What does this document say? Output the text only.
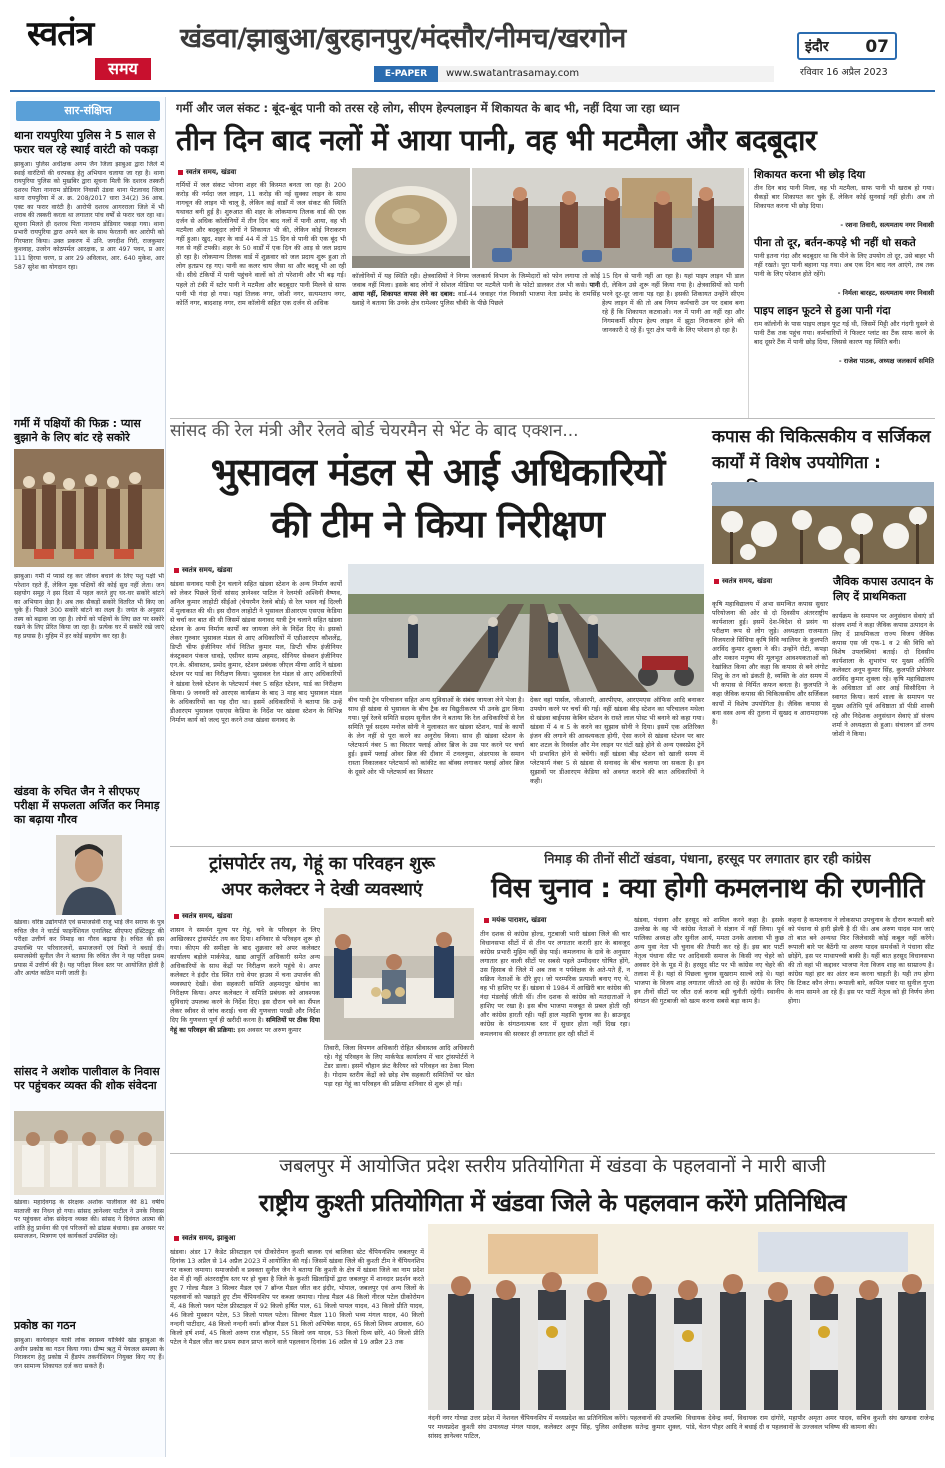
स्वतंत्र
समय
खंडवा/झाबुआ/बुरहानपुर/मंदसौर/नीमच/खरगोन
E-PAPER	www.swatantrasamay.com
इंदौर 07
रविवार 16 अप्रैल 2023
सार-संक्षिप्त
थाना रायपुरिया पुलिस ने 5 साल से फरार चल रहे स्थाई वारंटी को पकड़ा
झाबुआ। पुलिस अधीक्षक अगम जैन जिला झाबुआ द्वारा जिले में स्थाई वारंटियों की धरपकड़ हेतु अभियान चलाया जा रहा है। थाना रायपुरिया पुलिस को मुखबिर द्वारा सूचना मिली कि दशरथ तस्करी दशरथ पिता नानराम डोडियार निवासी उंडवा थाना पेटलावद जिला थाना रायपुरिया में अ. क्र. 208/2017 धारा 34(2) 36 आब. एक्ट का फरार वारंटी है। आरोपी दशरथ आगरराला जिले में भी शराब की तस्करी करता था लगातार पांच वर्षों से फरार चल रहा था। सूचना मिलते ही दशरथ पिता नानराम डोडियार पकड़ा गया। थाना प्रभारी रायपुरिया द्वारा अपने बल के साथ फेरतानी कर आरोपी को गिरफ्तार किया। उक्त प्रकरण में उनि. जगदीश गिरी, राजकुमार कुशवाह, उजरेन कोठपर्मल आरक्षक, प्र आर 497 पवन, प्र आर 111 हिरया चरण, प्र आर 29 अविलाश, आर. 640 मुकेश, आर 587 सुरेश का योगदान रहा।
गर्मी में पक्षियों की फिक्र : प्यास बुझाने के लिए बांट रहे सकोरे
झाबुआ। गर्मी में प्यासे रह कर जीवन बचाने के लिए पशु पक्षी भी परेशान रहते हैं, लेकिन मूक पक्षियों की कोई सुध नहीं लेता। जन सहयोग समूह ने इस दिशा में पहल करते हुए घर-घर सकोरे बांटने का अभियान छेड़ा है। अब तक सैकड़ों सकोरे वितरित भी किए जा चुके हैं। पिछले 300 सकोरे बांटने का लक्ष्य है। जयंत के अनुसार तस्य को बढ़ावा जा रहा है। लोगों को पक्षियों के लिए छत पर सकोरे रखने के लिए प्रेरित किया जा रहा है। प्रत्येक घर में सकोरे रखे जाएं यह प्रयास है। मुहिम में हर कोई सहयोग कर रहा है।
खंडवा के रुचित जैन ने सीएफए परीक्षा में सफलता अर्जित कर निमाड़ का बढ़ाया गौरव
खंडवा। वरिष्ठ उद्योगपति एवं समाजसेवी राजू भाई जैन सराफ के पुत्र रुचित जैन ने चार्टर्ड फाइनेंशियल एनालिस्ट सीएफए इंस्टिट्यूट की परीक्षा उत्तीर्ण कर निमाड़ का गौरव बढ़ाया है। रुचित की इस उपलब्धि पर परिवारजनों, समाजजनों एवं मित्रों ने बधाई दी। समाजसेवी सुनील जैन ने बताया कि रुचित जैन ने यह परीक्षा प्रथम प्रयास में उत्तीर्ण की है। यह परीक्षा विश्व स्तर पर आयोजित होती है और अत्यंत कठिन मानी जाती है।
सांसद ने अशोक पालीवाल के निवास पर पहुंचकर व्यक्त की शोक संवेदना
खंडवा। महादेवगढ़ के संरक्षक अशोक पालीवाल की 81 वर्षीय माताजी का निधन हो गया। सांसद ज्ञानेश्वर पाटील ने उनके निवास पर पहुंचकर शोक संवेदना व्यक्त की। सांसद ने दिवंगत आत्मा की शांति हेतु प्रार्थना की एवं परिजनों को ढांढस बंधाया। इस अवसर पर समाजजन, मित्रगण एवं कार्यकर्ता उपस्थित रहे।
प्रकोष्ठ का गठन
झाबुआ। कार्यवाहन यात्री लोक स्वास्थ्य यांत्रिकी खंड झाबुआ के अधीन प्रकोष्ठ का गठन किया गया। ग्रीष्म ऋतु में पेयजल समस्या के निराकरण हेतु प्रकोष्ठ में हैंडपंप तकनीशियन नियुक्त किए गए हैं। जन सामान्य शिकायत दर्ज करा सकते हैं।
गर्मी और जल संकट : बूंद-बूंद पानी को तरस रहे लोग, सीएम हेल्पलाइन में शिकायत के बाद भी, नहीं दिया जा रहा ध्यान
तीन दिन बाद नलों में आया पानी, वह भी मटमैला और बदबूदार
स्वतंत्र समय, खंडवा
गर्मियों में जल संकट भोगना शहर की किस्मत बनता जा रहा है। 200 करोड़ की नर्मदा जल लाइन, 11 करोड़ की नई सुक्का लाइन के साथ नागचून की लाइन भी चालू है, लेकिन कई वार्डों में जल संकट की स्थिति यथावत बनी हुई है। शुरुआत की शहर के लोकमान्य तिलक वार्ड की एक दर्जन से अधिक कॉलोनियों में तीन दिन बाद नलों में पानी आया, वह भी मटमैला और बदबूदार लोगों ने शिकायत भी की, लेकिन कोई निराकरण नहीं हुआ। खुद, शहर के वार्ड 44 में तो 15 दिन से पानी की एक बूंद भी नल से नहीं टपकी। शहर के 50 वार्डों में एक दिन की आड़ से जल प्रदाय हो रहा है। लोकमान्य तिलक वार्ड में शुक्रवार को जल प्रदाय शुरू हुआ तो लोग हतप्रभ रह गए। पानी का कलर चाय जैसा था और बदबू भी आ रही थी। सीधे टंकियों में पानी पहुंचने वालों को तो परेशानी और भी बढ़ गई। पहले तो टंकी में स्टोर पानी ने मटमैला और बदबूदार पानी मिलने से साफ पानी भी गंदा हो गया। यहां तिलक नगर, जोशी नगर, सत्यमताय नगर, कोर्ति नगर, बादशाह नगर, राम कॉलोनी सहित एक दर्जन से अधिक
कॉलोनियों में यह स्थिति रही। क्षेत्रवासियों ने निगम जलकार्य विभाग के जिम्मेदारों को फोन लगाया तो कोई जवाब नहीं मिला। इसके बाद लोगों ने सोशल मीडिया पर मटमैले पानी के फोटो डालकर तंज भी कसे। पानी आया नहीं, शिकायत वापस लेने का दबाव: वार्ड-44 जवाहर गंज निवासी भाजपा नेता प्रमोद के रामसिंह ख्वाहे ने बताया कि उनके क्षेत्र रामेश्वर पुलिस चौकी के पीछे पिछले
15 दिन से पानी नहीं आ रहा है। यहां पाइप लाइन भी डाल दी, लेकिन उसे शुरू नहीं किया गया है। क्षेत्रवासियों को पानी भरने दूर-दूर जाना पड़ रहा है। इसकी शिकायत उन्होंने सीएम हेल्प लाइन में की तो अब निगम कर्मचारी उन पर दबाव बना रहे हैं कि शिकायत कटवाओ। नल में पानी आ नहीं रहा और निगमकर्मी सीएम हेल्प लाइन में झूठा निराकरण होने की जानकारी दे रहे हैं। पूरा क्षेत्र पानी के लिए परेशान हो रहा है।
शिकायत करना भी छोड़ दिया
तीन दिन बाद पानी मिला, वह भी मटमैला, साफ पानी भी खराब हो गया। सैकड़ों बार शिकायत कर चुके हैं, लेकिन कोई सुनवाई नहीं होती। अब तो शिकायत करना भी छोड़ दिया।
- रशना तिवारी, सत्यमताय नगर निवासी
पीना तो दूर, बर्तन-कपड़े भी नहीं धो सकते
पानी इतना गंदा और बदबूदार था कि पीने के लिए उपयोग तो दूर, उसे बाहर भी नहीं रखते। पूरा पानी बहाना पड़ गया। अब एक दिन बाद नल आएंगे, तब तक पानी के लिए परेशान होते रहेंगे।
- निर्मला बारहट, सत्यमताय नगर निवासी
पाइप लाइन फूटने से हुआ पानी गंदा
राम कॉलोनी के पास पाइप लाइन फूट गई थी, जिसमें मिट्टी और गंदगी घुसने से पानी टैंक तक पहुंच गया। कर्मचारियों ने फिल्टर प्लांट का टैंक साफ करने के बाद दूसरे टैंक में पानी छोड़ दिया, जिससे कारण यह स्थिति बनी।
- राजेश पाठक, अध्यक्ष जलकार्य समिति
सांसद की रेल मंत्री और रेलवे बोर्ड चेयरमैन से भेंट के बाद एक्शन...
भुसावल मंडल से आई अधिकारियों
की टीम ने किया निरीक्षण
स्वतंत्र समय, खंडवा
खंडवा सनावद यात्री ट्रेन चलाने सहित खंडवा स्टेशन के अन्य निर्माण कार्यों को लेकर पिछले दिनों सांसद ज्ञानेश्वर पाटिल ने रेलमंत्री अश्विनी वैष्णव, अनिल कुमार लाहोटी सीईओ (चेयरमैन रेलवे बोर्ड) से रेल भवन नई दिल्ली में मुलाकात की थी। इस दौरान लाहोटी ने भुसावल डीआरएम एसएस केडिया से चर्चा कर बात की थी जिसमें खंडवा सनावद यात्री ट्रेन चलाने सहित खंडवा स्टेशन के अन्य निर्माण कार्यों का जायजा लेने के निर्देश दिए थे। इसको लेकर गुरुवार भुसावल मंडल से आए अधिकारियों में एडीआरएम कौशलेंद्र, डिप्टी चीफ इंजीनियर नॉर्थ नितिश कुमार मल, डिप्टी चीफ इंजीनियर कंस्ट्रक्शन पंकज धावड़े, एसीयर साम्प अहमद, सीनियर सेक्शन इंजीनियर एन.के. श्रीवास्तव, प्रमोद कुमार, स्टेशन प्रबंधक जीएल मीणा आदि ने खंडवा स्टेशन पर यार्ड का निरीक्षण किया। भुसावल रेल मंडल से आए अधिकारियों ने खंडवा रेलवे स्टेशन के प्लेटफार्म नंबर 5 सहित स्टेशन, यार्ड का निरीक्षण किया। 9 जनवरी को आरएस कार्यक्रम के बाद 3 माह बाद भुसावल मंडल के अधिकारियों का यह दौरा था। इसमें अधिकारियों ने बताया कि उन्हें डीआरएम भुसावल एसएस केडिया के निर्देश पर खंडवा स्टेशन के विभिन्न निर्माण कार्य को जल्द पूरा करने तथा खंडवा सनावद के
बीच यात्री ट्रेन परिचालन सहित अन्य सुविधाओं के संबंध जायजा लेने भेजा है। साथ ही खंडवा से भुसावल के बीच ट्रैक का विद्युतीकरण भी उनके द्वार किया गया। पूर्व रेलवे समिति सदस्य सुनील जैन ने बताया कि रेल अधिकारियों से रेल समिति पूर्व सदस्य मनोज सोनी ने मुलाकात कर खंडवा स्टेशन, यार्ड के कार्यों के लेन नहीं से पूरा करने का अनुरोध किया। साथ ही खंडवा स्टेशन के प्लेटफार्म नंबर 5 का विस्तार फ्लाई ओवर ब्रिज के उस पार करने पर चर्चा हुई। इसमें फ्लाई ओवर ब्रिज की दीवार में टनलनुमा, अंडरपास के समान रास्ता निकालकर प्लेटफार्म को कांकीट का बॉक्स लगाकर फ्लाई ओवर ब्रिज के दूसरे ओर भी प्लेटफार्म का विस्तार
देकर वहां पार्सल, जीआरपी, आरपीएफ, आरएमएस ऑफिस आदि बनाकर उपयोग करने पर चर्चा की गई। वहीं खंडवा बीड़ स्टेशन का परिचालन मथेला से खंडवा बाईपास केबिन स्टेशन के रास्ते लाल पोस्ट भी बनाने को कहा गया। खंडवा में 4 व 5 के करने का सुझाव सोनी ने दिया। इसमें एक अतिरिक्त इंजन की लगाने की आवश्यकता होगी, ऐसा करने से खंडवा स्टेशन पर बार बार शटल के रिवर्सल और मेन लाइन पर घंटों खड़े होने से अन्य एक्सप्रेस ट्रेनें भी प्रभावित होने से बचेंगी। वहीं खंडवा बीड़ स्टेशन को खाली समय में प्लेटफार्म नंबर 5 से खंडवा से सनावद के बीच चलाया जा सकता है। इन सुझावों पर डीआरएम केडिया को अवगत कराने की बात अधिकारियों ने कही।
कपास की चिकित्सकीय व सर्जिकल कार्यों में विशेष उपयोगिता :
स्वतंत्र समय, खंडवा	जैविक कपास उत्पादन के लिए दें प्राथमिकता
कृषि महाविद्यालय में अभा समन्वित कपास सुधार परियोजना की ओर से दो दिवसीय अंतरराष्ट्रीय कार्यशाला हुई। इसमें देश-विदेश से प्रसंग या परीक्षण रूप से लोग जुड़े। अध्यक्षता राजमाता विजयराजे सिंधिया कृषि विवि ग्वालियर के कुलपति अरविंद कुमार शुक्ला ने की। उन्होंने रोटी, कपड़ा और मकान मनुष्य की मूलभूत आवश्यकताओं को रेखांकित किया और कहा कि कपास से बने लंगोट शिशु के तन को ढंकती है, व्यक्ति के अंत समय में भी कपास से निर्मित कफन बनता है। कुलपति ने कहा जैविक कपास की चिकित्सकीय और सर्जिकल कार्यों में विशेष उपयोगिता है। जैविक कपास से बना वस्त्र अन्य की तुलना में सुखद व आरामदायक है।
कार्यक्रम के समापन पर अनुसंधान सेवाएं डॉ संजय शर्मा ने कहा जैविक कपास उत्पादन के लिए दें प्राथमिकता राज्य विजय जैविक कपास एस जी एफ-1 व 2 की विधि को विशेष उपलब्धियां बताई। दो दिवसीय कार्यशाला के शुभारंभ पर मुख्य अतिथि कलेक्टर अनूप कुमार सिंह, कुलपति प्रोफेसर अरविंद कुमार शुक्ला रहे। कृषि महाविद्यालय के अधिष्ठाता डॉ आर आई सिसौदिया ने स्वागत किया। कार्य शाला के समापन पर मुख्य अतिथि पूर्व अधिष्ठाता डॉ पीडी शास्त्री रहे और निदेशक अनुसंधान सेवाएं डॉ संजय शर्मा ने अध्यक्षता से हुआ। संचालन डॉ तनय जोशी ने किया।
ट्रांसपोर्टर तय, गेहूं का परिवहन शुरू
अपर कलेक्टर ने देखी व्यवस्थाएं
स्वतंत्र समय, खंडवा
शासन ने समर्थन मूल्य पर गेहूं, चने के परिवहन के लिए आखिरकार ट्रांसपोर्टर तय कर दिया। शनिवार से परिवहन शुरू हो गया। कीएम की समीक्षा के बाद शुक्रवार को अपर कलेक्टर कार्यालय बड़ोले मार्कफेड, खाद्य आपूर्ति अधिकारी समेत अन्य अधिकारियों के साथ केंद्रों पर निरीक्षण करने पहुंचे थे। अपर कलेक्टर ने इंदौर रोड स्थित राधे वेयर हाउस में चना उपार्जन की व्यवस्थाएं देखी। सेवा सहकारी समिति अहमदपुर खेगांव का निरीक्षण किया। अपर कलेक्टर ने समिति प्रबंधक को आवश्यक सुविधाएं उपलब्ध करने के निर्देश दिए। इस दौरान चने का सैंपल लेकर स्वीवर से जांच कराई। चना की गुणवत्ता परखी और निर्देश दिए कि गुणवत्ता पूर्ण ही खरीदी करना है। समितियों पर ठीक दिया गेहूं का परिवहन की प्रक्रिया: इस अवसर पर अरुण कुमार
तिवारी, जिला विपणन अधिकारी रोहित श्रीवास्तव आदि अधिकारी रहे। गेहूं परिवहन के लिए मार्कफेड कार्यालय में चार ट्रांसपोर्टरों ने टेंडर डाला। इसमें चौहान फ्रंट कैरियर को परिवहन का ठेका मिला है। गोदाम स्तरीय केंद्रों को छोड़ शेष सहकारी समितियों पर खेत पड़ा रहा गेहूं का परिवहन की प्रक्रिया शनिवार से शुरू हो गई।
निमाड़ की तीनों सीटों खंडवा, पंधाना, हरसूद पर लगातार हार रही कांग्रेस
विस चुनाव : क्या होगी कमलनाथ की रणनीति
मयंक पाराशर, खंडवा
तीन दशक से कांग्रेस होल्ड, गुटबाजी भारी खंडवा जिले की चार विधानसभा सीटों में से तीन पर लगातार करारी हार के बावजूद कांग्रेस प्रभारी मुहिम नहीं छेड़ पाई। कमलनाथ के दावे के अनुसार लगातार हार वाली सीटों पर सबसे पहले उम्मीदवार घोषित होंगे, उस हिसाब से जिले में अब तक न पर्यवेक्षक के अते-पते हैं, न सक्रिय नेताओं के दौरे हुए। जो परम्परिक प्रत्याशी बनाए गए थे, वह भी हाशिए पर हैं। खंडवा से 1984 में आखिरी बार कांग्रेस की नंदा मंडलोई जीती थीं। तीन दशक से कांग्रेस को मतदाताओं ने हाशिए पर रखा है। इस बीच भाजपा मजबूत से प्रबल होती रही और कांग्रेस हारती रही। यहीं हाल महाशि चुनाव का है। ब्राउन्डूद कांग्रेस के संगठनात्मक स्तर में सुधार होता नहीं दिख रहा। कमलनाथ की सरकार ही लगातार हार रही सीटों में
खंडवा, पंधाना और हरसूद को शामिल करने कहा है। इसके उल्लेख के वह भी कांग्रेस नेताओं ने संज्ञान में नहीं लिया। पूर्व पालिका अध्यक्ष और सुनील आर्य, ममता उनके अलावा भी कुछ अन्य युवा नेता भी चुनाव की तैयारी कर रहे हैं। इस बार पार्टी नेतृत्व पंधाना सीट पर आदिवासी समाज के किसी नए चेहरे को अवसर देने के मूड में है। हरसूद सीट पर भी कांग्रेस नए चेहरे की तलाश में है। यहां से पिछला चुनाव सुखराम साल्वे लड़े थे। यहां भाजपा के विजय शाह लगातार जीतते आ रहे हैं। कांग्रेस के लिए इन तीनों सीटों पर जीत दर्ज करना बड़ी चुनौती रहेगी। स्थानीय संगठन की गुटबाजी को खत्म करना सबसे बड़ा काम है।
कहना है कमलनाथ ने लोकसभा उपचुनाव के दौरान रूपाली बारे को पंधाना से हारी झेली है दी थी। अब अरुण यादव मान जाएं तो बात बने अन्यथा फिर जिलेवासी कोई कबूल नहीं करेंगे। रूपाली बारे पर बैठेंगी या अरुण यादव समर्थकों ने पंधाना सीट छोड़ेंगे, इस पर माथापच्ची बाकी है। यहीं बात हरसूद विधानसभा की तो वहां भी कद्दावर भाजपा नेता विजय शाह का साम्राज्य है। कांग्रेस यहां हार का अंतर कम करना चाहती है। यही तय होगा कि टिकट कौन लेगा। रूपाली बारे, कपिल पवार या सुनील गुप्ता के नाम सामने आ रहे हैं। इस पर पार्टी नेतृत्व को ही निर्णय लेना होगा।
जबलपुर में आयोजित प्रदेश स्तरीय प्रतियोगिता में खंडवा के पहलवानों ने मारी बाजी
राष्ट्रीय कुश्ती प्रतियोगिता में खंडवा जिले के पहलवान करेंगे प्रतिनिधित्व
स्वतंत्र समय, झाबुआ
खंडवा। अंडर 17 कैडेट फ्रीस्टाइल एवं ग्रीकोरोमन कुश्ती बालक एवं बालिका स्टेट चैंपियनशिप जबलपुर में दिनांक 13 अप्रैल से 14 अप्रैल 2023 में आयोजित की गई। जिसमें खंडवा जिले की कुश्ती टीम ने चैंपियनशिप पर कब्जा जमाया। समाजसेवी व प्रवक्ता सुनील जैन ने बताया कि कुश्ती के क्षेत्र में खंडवा जिले का नाम प्रदेश देश में ही नहीं अंतरराष्ट्रीय स्तर पर हो चुका है जिले के कुश्ती खिलाड़ियों द्वारा जबलपुर में शानदार प्रदर्शन करते हुए 7 गोल्ड मैडल 3 सिल्वर मैडल एवं 7 ब्रॉन्ज मैडल जीत कर इंदौर, भोपाल, जबलपुर एवं अन्य जिलों के पहलवानों को पछाड़ते हुए टीम चैंपियनशिप पर कब्जा जमाया। गोल्ड मैडल 48 किलो नीरज पटेल ग्रीकोरोमन में, 48 किलो पवन पटेल फ्रीस्टाइल में 92 किलो हर्षित पाल, 61 किलो पायल यादव, 43 किलो प्रीति यादव, 46 किलो मुस्कान पटेल, 53 किलो पायल पटेल। सिल्वर मैडल 110 किलो भव्य मंगल यादव, 40 किलो नन्दनी पाटीदार, 48 किलो नन्दनी वर्मा। ब्रॉन्ज मैडल 51 किलो अभिषेक यादव, 65 किलो शिवम अग्रवाल, 60 किलो हर्ष शर्मा, 45 किलो अरुण राज चौहान, 55 किलो जय यादव, 53 किलो दिव्य छोरे, 40 किलो प्रीति पटेल ने मैडल जीत कर प्रथम स्थान प्राप्त करने वाले पहलवान दिनांक 16 अप्रैल से 19 अप्रैल 23 तक
नंदनी नगर गोण्डा उत्तर प्रदेश में नेशनल चैंपियनशिप में मध्यप्रदेश का प्रतिनिधित्व करेंगे। पहलवानों की उपलब्धि पर मध्यप्रदेश कुश्ती संघ उपाध्यक्ष मंगल यादव, कलेक्टर अनूप सिंह, पुलिस अधीक्षक सतेन्द्र कुमार शुक्ल, सांसद ज्ञानेश्वर पाटिल,
विधायक देवेन्द्र वर्मा, विधायक राम दांगोरे, महापौर अमृता अमर यादव, सचिव कुश्ती संघ खण्डवा राजेन्द्र पांडे, चेतन पौहर आदि ने बधाई दी व पहलवानों के उज्जवल भविष्य की कामना की।
